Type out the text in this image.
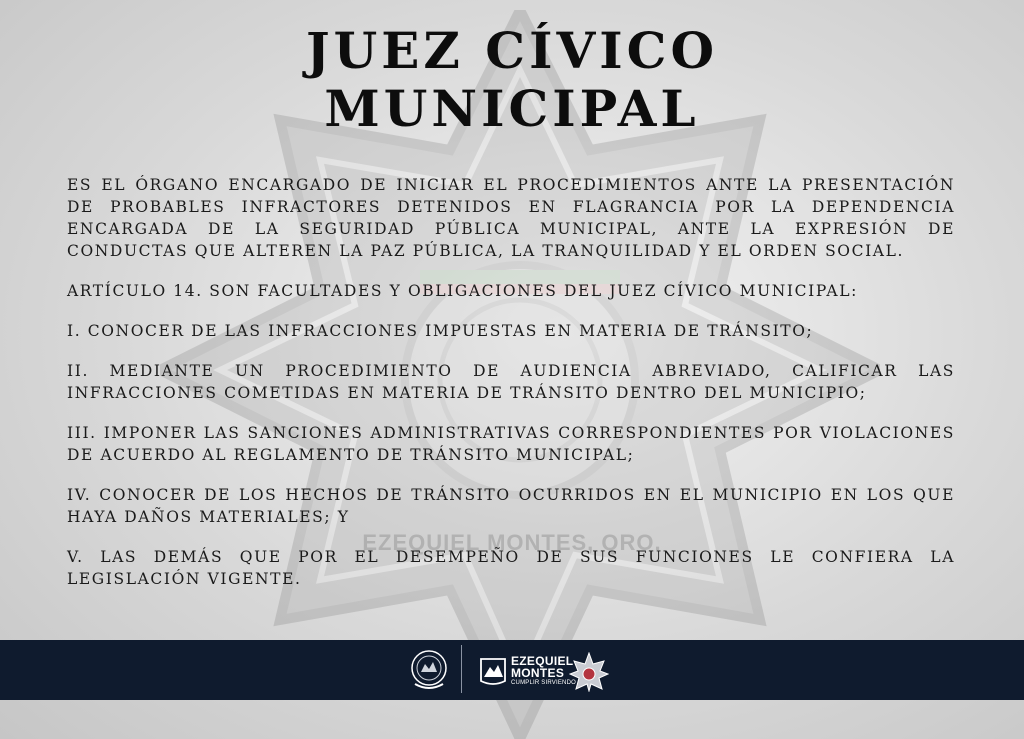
EZEQUIEL MONTES, QRO.
JUEZ CÍVICO
MUNICIPAL

ES EL ÓRGANO ENCARGADO DE INICIAR EL PROCEDIMIENTOS ANTE LA PRESENTACIÓN DE PROBABLES INFRACTORES DETENIDOS EN FLAGRANCIA POR LA DEPENDENCIA ENCARGADA DE LA SEGURIDAD PÚBLICA MUNICIPAL, ANTE LA EXPRESIÓN DE CONDUCTAS QUE ALTEREN LA PAZ PÚBLICA, LA TRANQUILIDAD Y EL ORDEN SOCIAL.

ARTÍCULO 14. SON FACULTADES Y OBLIGACIONES DEL JUEZ CÍVICO MUNICIPAL:

I. CONOCER DE LAS INFRACCIONES IMPUESTAS EN MATERIA DE TRÁNSITO;

II. MEDIANTE UN PROCEDIMIENTO DE AUDIENCIA ABREVIADO, CALIFICAR LAS INFRACCIONES COMETIDAS EN MATERIA DE TRÁNSITO DENTRO DEL MUNICIPIO;

III. IMPONER LAS SANCIONES ADMINISTRATIVAS CORRESPONDIENTES POR VIOLACIONES DE ACUERDO AL REGLAMENTO DE TRÁNSITO MUNICIPAL;

IV. CONOCER DE LOS HECHOS DE TRÁNSITO OCURRIDOS EN EL MUNICIPIO EN LOS QUE HAYA DAÑOS MATERIALES; Y

V. LAS DEMÁS QUE POR EL DESEMPEÑO DE SUS FUNCIONES LE CONFIERA LA LEGISLACIÓN VIGENTE.

EZEQUIEL
MONTES
CUMPLIR SIRVIENDO
